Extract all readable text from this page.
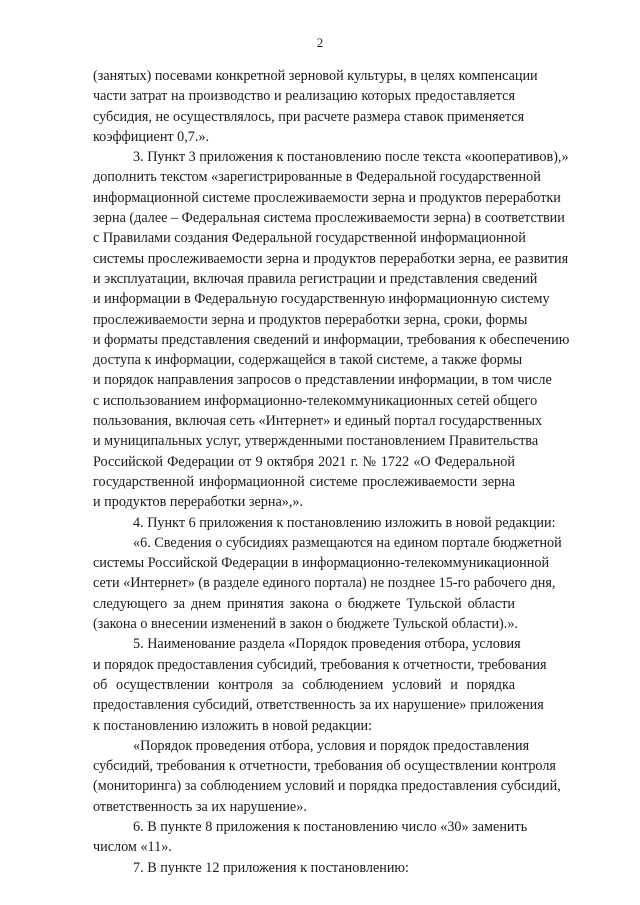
2
(занятых) посевами конкретной зерновой культуры, в целях компенсации
части затрат на производство и реализацию которых предоставляется
субсидия, не осуществлялось, при расчете размера ставок применяется
коэффициент 0,7.».
3. Пункт 3 приложения к постановлению после текста «кооперативов),»
дополнить текстом «зарегистрированные в Федеральной государственной
информационной системе прослеживаемости зерна и продуктов переработки
зерна (далее – Федеральная система прослеживаемости зерна) в соответствии
с Правилами создания Федеральной государственной информационной
системы прослеживаемости зерна и продуктов переработки зерна, ее развития
и эксплуатации, включая правила регистрации и представления сведений
и информации в Федеральную государственную информационную систему
прослеживаемости зерна и продуктов переработки зерна, сроки, формы
и форматы представления сведений и информации, требования к обеспечению
доступа к информации, содержащейся в такой системе, а также формы
и порядок направления запросов о представлении информации, в том числе
с использованием информационно-телекоммуникационных сетей общего
пользования, включая сеть «Интернет» и единый портал государственных
и муниципальных услуг, утвержденными постановлением Правительства
Российской Федерации от 9 октября 2021 г. № 1722 «О Федеральной
государственной информационной системе прослеживаемости зерна
и продуктов переработки зерна»,».
4. Пункт 6 приложения к постановлению изложить в новой редакции:
«6. Сведения о субсидиях размещаются на едином портале бюджетной
системы Российской Федерации в информационно-телекоммуникационной
сети «Интернет» (в разделе единого портала) не позднее 15-го рабочего дня,
следующего за днем принятия закона о бюджете Тульской области
(закона о внесении изменений в закон о бюджете Тульской области).».
5. Наименование раздела «Порядок проведения отбора, условия
и порядок предоставления субсидий, требования к отчетности, требования
об осуществлении контроля за соблюдением условий и порядка
предоставления субсидий, ответственность за их нарушение» приложения
к постановлению изложить в новой редакции:
«Порядок проведения отбора, условия и порядок предоставления
субсидий, требования к отчетности, требования об осуществлении контроля
(мониторинга) за соблюдением условий и порядка предоставления субсидий,
ответственность за их нарушение».
6. В пункте 8 приложения к постановлению число «30» заменить
числом «11».
7. В пункте 12 приложения к постановлению:
